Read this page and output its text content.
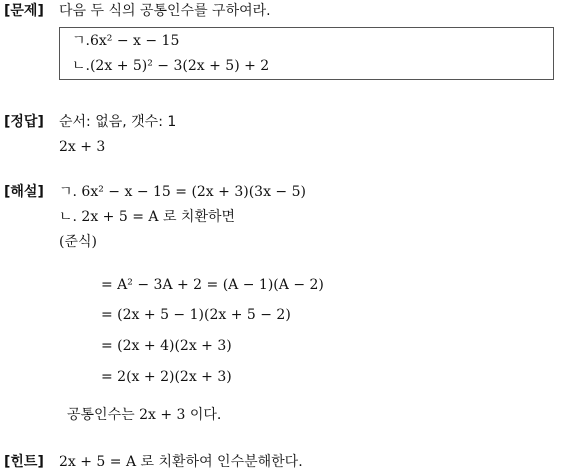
[문제] 다음 두 식의 공통인수를 구하여라.
ㄱ.6x² − x − 15
ㄴ.(2x + 5)² − 3(2x + 5) + 2
[정답] 순서: 없음, 갯수: 1
2x + 3
[해설] ㄱ. 6x² − x − 15 = (2x + 3)(3x − 5)
ㄴ. 2x + 5 = A 로 치환하면
(준식)
= A² − 3A + 2 = (A − 1)(A − 2)
= (2x + 5 − 1)(2x + 5 − 2)
= (2x + 4)(2x + 3)
= 2(x + 2)(2x + 3)
공통인수는 2x + 3 이다.
[힌트] 2x + 5 = A 로 치환하여 인수분해한다.
